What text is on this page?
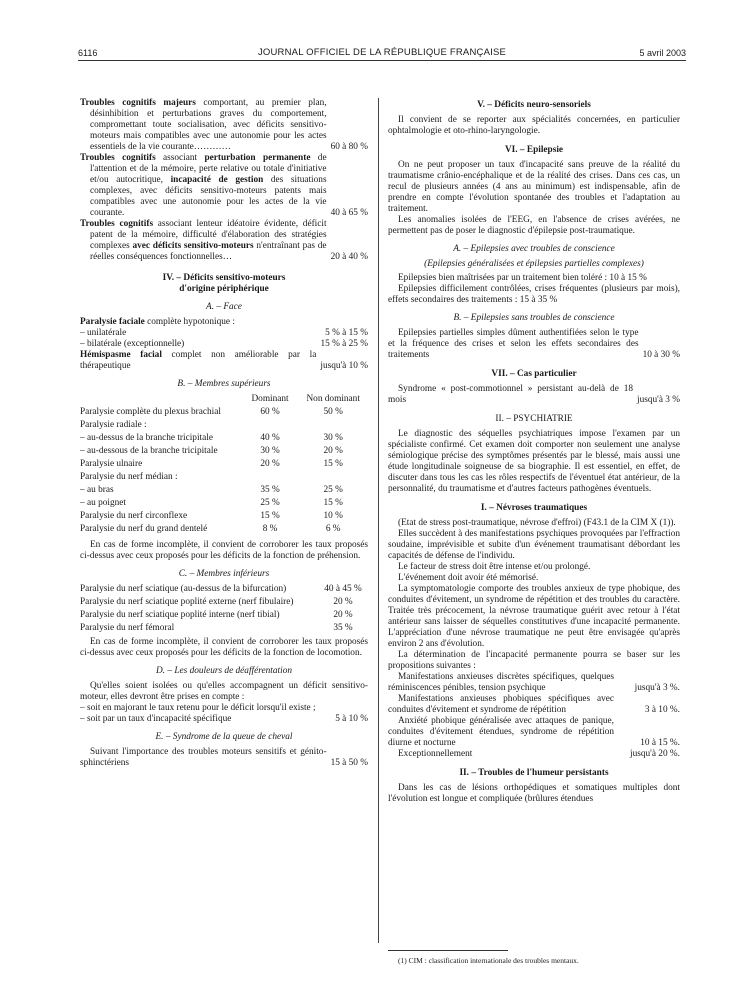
6116	JOURNAL OFFICIEL DE LA RÉPUBLIQUE FRANÇAISE	5 avril 2003

Troubles cognitifs majeurs comportant, au premier plan, désinhibition et perturbations graves du comportement, compromettant toute socialisation, avec déficits sensitivo-moteurs mais compatibles avec une autonomie pour les actes essentiels de la vie courante…………	60 à 80 %

Troubles cognitifs associant perturbation permanente de l'attention et de la mémoire, perte relative ou totale d'initiative et/ou autocritique, incapacité de gestion des situations complexes, avec déficits sensitivo-moteurs patents mais compatibles avec une autonomie pour les actes de la vie courante.	40 à 65 %

Troubles cognitifs associant lenteur idéatoire évidente, déficit patent de la mémoire, difficulté d'élaboration des stratégies complexes avec déficits sensitivo-moteurs n'entraînant pas de réelles conséquences fonctionnelles…	20 à 40 %

IV. – Déficits sensitivo-moteurs

d'origine périphérique

A. – Face

Paralysie faciale complète hypotonique :

– unilatérale	5 % à 15 %
– bilatérale (exceptionnelle)	15 % à 25 %

Hémispasme facial complet non améliorable par la thérapeutique	jusqu'à 10 %

B. – Membres supérieurs

	Dominant	Non dominant
Paralysie complète du plexus brachial	60 %	50 %
Paralysie radiale :		
– au-dessus de la branche tricipitale	40 %	30 %
– au-dessous de la branche tricipitale	30 %	20 %
Paralysie ulnaire	20 %	15 %
Paralysie du nerf médian :		
– au bras	35 %	25 %
– au poignet	25 %	15 %
Paralysie du nerf circonflexe	15 %	10 %
Paralysie du nerf du grand dentelé	8 %	6 %

En cas de forme incomplète, il convient de corroborer les taux proposés ci-dessus avec ceux proposés pour les déficits de la fonction de préhension.

C. – Membres inférieurs

Paralysie du nerf sciatique (au-dessus de la bifurcation)	40 à 45 %
Paralysie du nerf sciatique poplité externe (nerf fibulaire)	20 %
Paralysie du nerf sciatique poplité interne (nerf tibial)	20 %
Paralysie du nerf fémoral	35 %

En cas de forme incomplète, il convient de corroborer les taux proposés ci-dessus avec ceux proposés pour les déficits de la fonction de locomotion.

D. – Les douleurs de déafférentation

Qu'elles soient isolées ou qu'elles accompagnent un déficit sensitivo-moteur, elles devront être prises en compte :

– soit en majorant le taux retenu pour le déficit lorsqu'il existe ;

– soit par un taux d'incapacité spécifique	5 à 10 %

E. – Syndrome de la queue de cheval

Suivant l'importance des troubles moteurs sensitifs et génito-sphinctériens	15 à 50 %

V. – Déficits neuro-sensoriels

Il convient de se reporter aux spécialités concernées, en particulier ophtalmologie et oto-rhino-laryngologie.

VI. – Epilepsie

On ne peut proposer un taux d'incapacité sans preuve de la réalité du traumatisme crânio-encéphalique et de la réalité des crises. Dans ces cas, un recul de plusieurs années (4 ans au minimum) est indispensable, afin de prendre en compte l'évolution spontanée des troubles et l'adaptation au traitement.

Les anomalies isolées de l'EEG, en l'absence de crises avérées, ne permettent pas de poser le diagnostic d'épilepsie post-traumatique.

A. – Epilepsies avec troubles de conscience

(Epilepsies généralisées et épilepsies partielles complexes)

Epilepsies bien maîtrisées par un traitement bien toléré : 10 à 15 %

Epilepsies difficilement contrôlées, crises fréquentes (plusieurs par mois), effets secondaires des traitements : 15 à 35 %

B. – Epilepsies sans troubles de conscience

Epilepsies partielles simples dûment authentifiées selon le type et la fréquence des crises et selon les effets secondaires des traitements	10 à 30 %

VII. – Cas particulier

Syndrome « post-commotionnel » persistant au-delà de 18 mois	jusqu'à 3 %

II. – PSYCHIATRIE

Le diagnostic des séquelles psychiatriques impose l'examen par un spécialiste confirmé. Cet examen doit comporter non seulement une analyse sémiologique précise des symptômes présentés par le blessé, mais aussi une étude longitudinale soigneuse de sa biographie. Il est essentiel, en effet, de discuter dans tous les cas les rôles respectifs de l'éventuel état antérieur, de la personnalité, du traumatisme et d'autres facteurs pathogènes éventuels.

I. – Névroses traumatiques

(Etat de stress post-traumatique, névrose d'effroi) (F43.1 de la CIM X (1)).

Elles succèdent à des manifestations psychiques provoquées par l'effraction soudaine, imprévisible et subite d'un événement traumatisant débordant les capacités de défense de l'individu.

Le facteur de stress doit être intense et/ou prolongé.

L'événement doit avoir été mémorisé.

La symptomatologie comporte des troubles anxieux de type phobique, des conduites d'évitement, un syndrome de répétition et des troubles du caractère. Traitée très précocement, la névrose traumatique guérit avec retour à l'état antérieur sans laisser de séquelles constitutives d'une incapacité permanente. L'appréciation d'une névrose traumatique ne peut être envisagée qu'après environ 2 ans d'évolution.

La détermination de l'incapacité permanente pourra se baser sur les propositions suivantes :

Manifestations anxieuses discrètes spécifiques, quelques réminiscences pénibles, tension psychique	jusqu'à 3 %.
Manifestations anxieuses phobiques spécifiques avec conduites d'évitement et syndrome de répétition	3 à 10 %.
Anxiété phobique généralisée avec attaques de panique, conduites d'évitement étendues, syndrome de répétition diurne et nocturne	10 à 15 %.
Exceptionnellement	jusqu'à 20 %.

II. – Troubles de l'humeur persistants

Dans les cas de lésions orthopédiques et somatiques multiples dont l'évolution est longue et compliquée (brûlures étendues

(1) CIM : classification internationale des troubles mentaux.
